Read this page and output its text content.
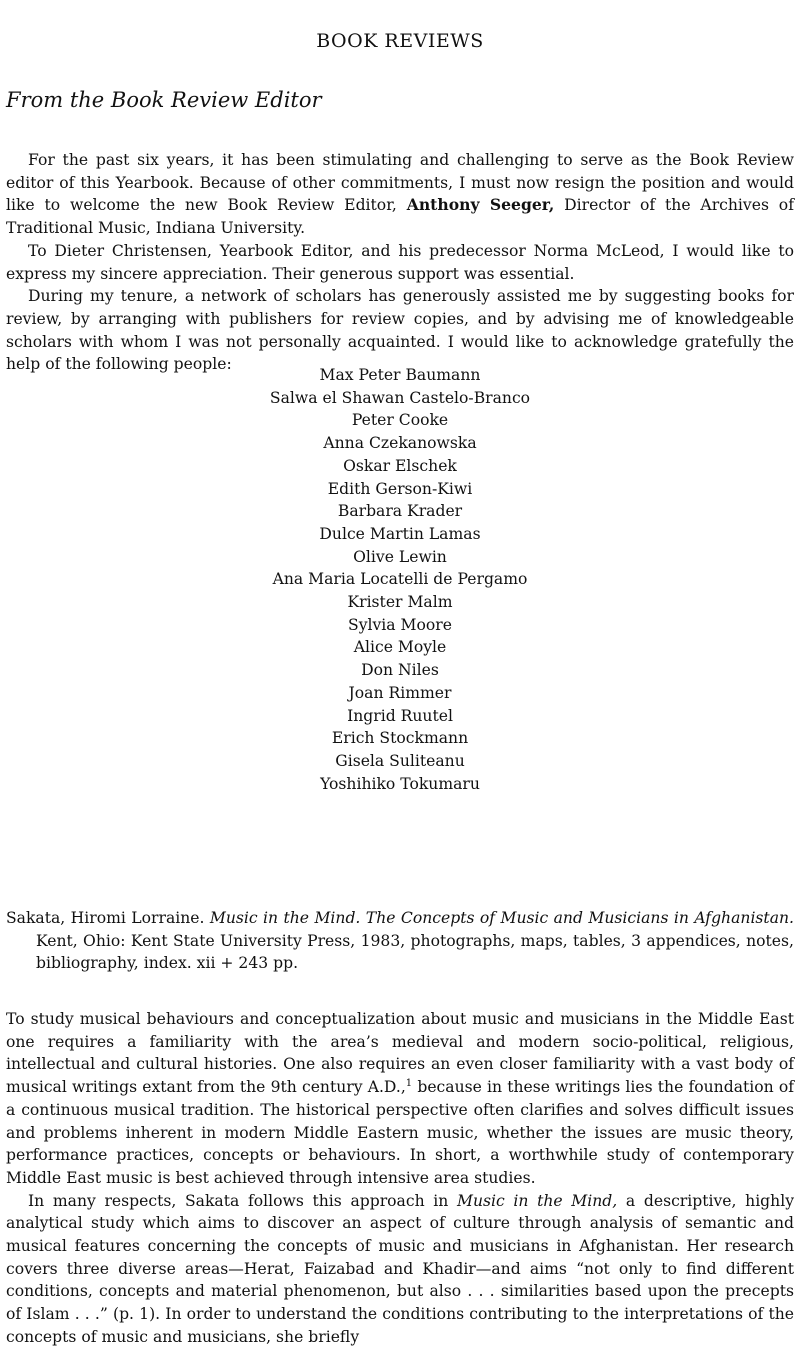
BOOK REVIEWS
From the Book Review Editor

For the past six years, it has been stimulating and challenging to serve as the Book Review editor of this Yearbook. Because of other commitments, I must now resign the position and would like to welcome the new Book Review Editor, Anthony Seeger, Director of the Archives of Traditional Music, Indiana University.

To Dieter Christensen, Yearbook Editor, and his predecessor Norma McLeod, I would like to express my sincere appreciation. Their generous support was essential.

During my tenure, a network of scholars has generously assisted me by suggesting books for review, by arranging with publishers for review copies, and by advising me of knowledgeable scholars with whom I was not personally acquainted. I would like to acknowledge gratefully the help of the following people:

Max Peter Baumann
Salwa el Shawan Castelo-Branco
Peter Cooke
Anna Czekanowska
Oskar Elschek
Edith Gerson-Kiwi
Barbara Krader
Dulce Martin Lamas
Olive Lewin
Ana Maria Locatelli de Pergamo
Krister Malm
Sylvia Moore
Alice Moyle
Don Niles
Joan Rimmer
Ingrid Ruutel
Erich Stockmann
Gisela Suliteanu
Yoshihiko Tokumaru
Sakata, Hiromi Lorraine. Music in the Mind. The Concepts of Music and Musicians in Afghanistan. Kent, Ohio: Kent State University Press, 1983, photographs, maps, tables, 3 appendices, notes, bibliography, index. xii + 243 pp.

To study musical behaviours and conceptualization about music and musicians in the Middle East one requires a familiarity with the area’s medieval and modern socio-political, religious, intellectual and cultural histories. One also requires an even closer familiarity with a vast body of musical writings extant from the 9th century A.D.,$^1$ because in these writings lies the foundation of a continuous musical tradition. The historical perspective often clarifies and solves difficult issues and problems inherent in modern Middle Eastern music, whether the issues are music theory, performance practices, concepts or behaviours. In short, a worthwhile study of contemporary Middle East music is best achieved through intensive area studies.

In many respects, Sakata follows this approach in Music in the Mind, a descriptive, highly analytical study which aims to discover an aspect of culture through analysis of semantic and musical features concerning the concepts of music and musicians in Afghanistan. Her research covers three diverse areas—Herat, Faizabad and Khadir—and aims “not only to find different conditions, concepts and material phenomenon, but also . . . similarities based upon the precepts of Islam . . .” (p. 1). In order to understand the conditions contributing to the interpretations of the concepts of music and musicians, she briefly
